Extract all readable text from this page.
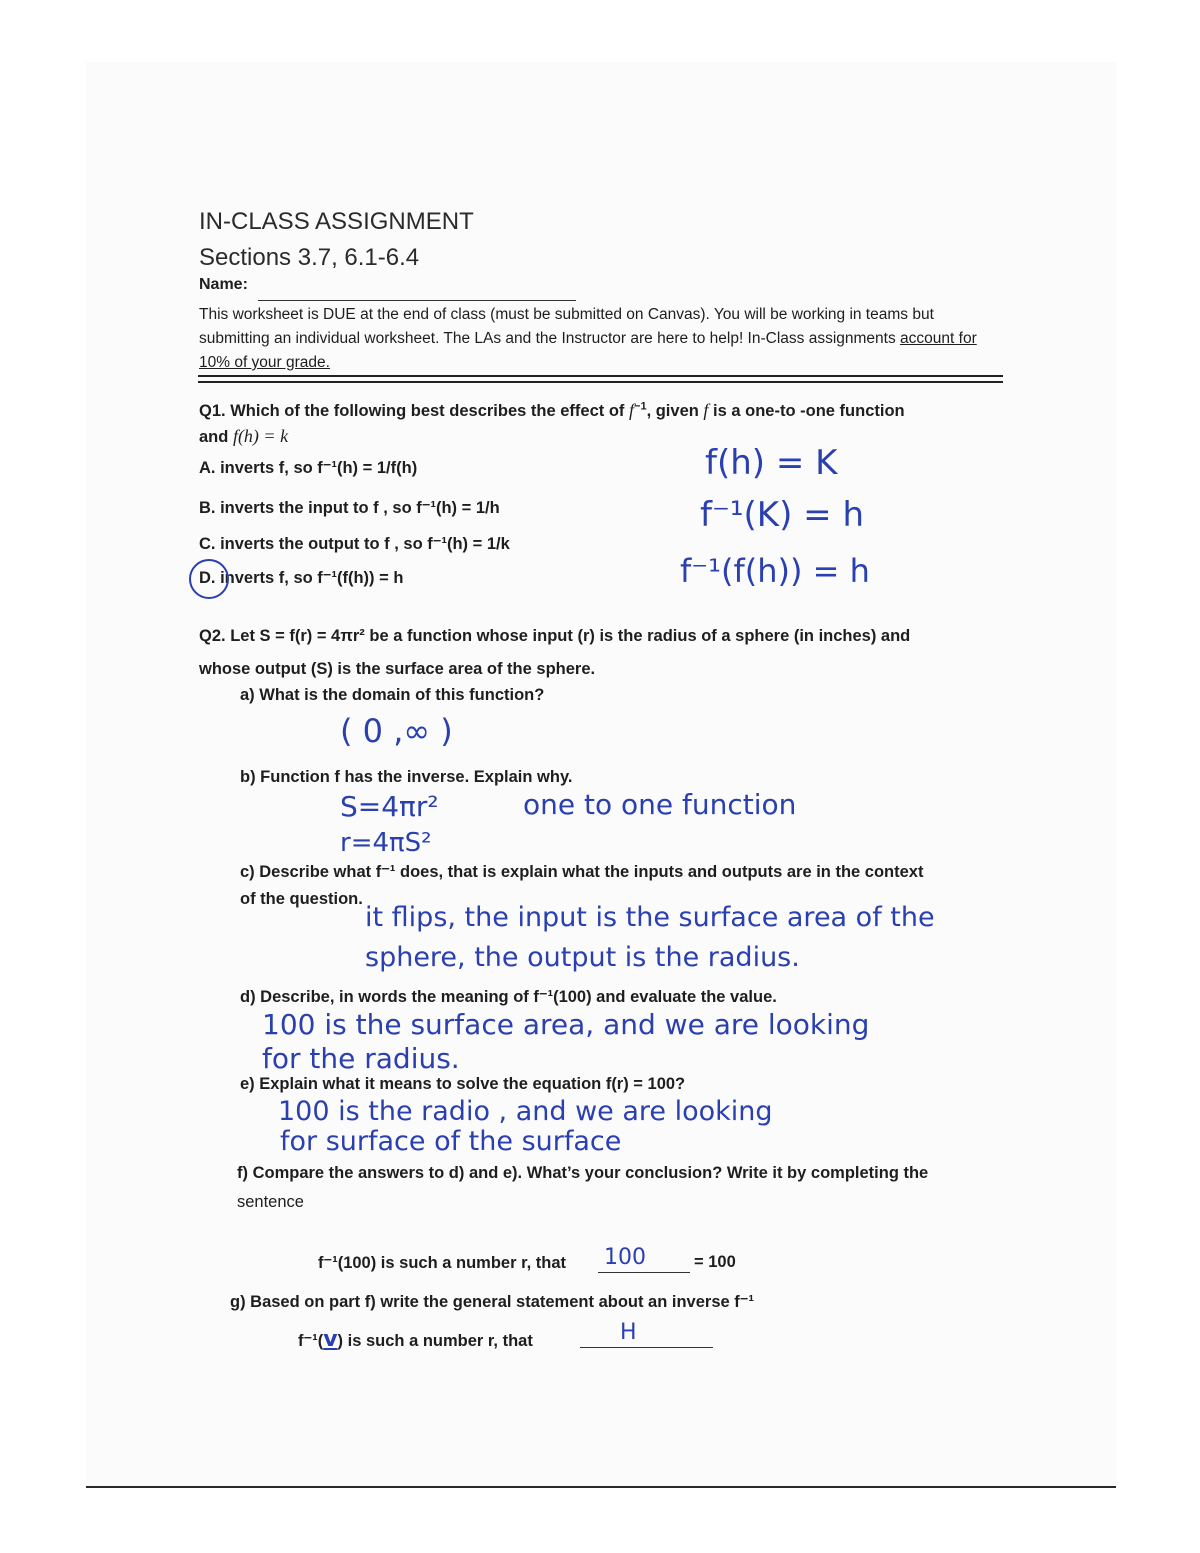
IN-CLASS ASSIGNMENT
Sections 3.7, 6.1-6.4
Name:
This worksheet is DUE at the end of class (must be submitted on Canvas). You will be working in teams but submitting an individual worksheet. The LAs and the Instructor are here to help! In-Class assignments account for 10% of your grade.
Q1. Which of the following best describes the effect of $f^{-1}$, given f is a one-to -one function
and f(h) = k
A. inverts f, so f⁻¹(h) = 1/f(h)
B. inverts the input to f , so f⁻¹(h) = 1/h
C. inverts the output to f , so f⁻¹(h) = 1/k
D. inverts f, so f⁻¹(f(h)) = h
f(h) = K
f⁻¹(K) = h
f⁻¹(f(h)) = h
Q2. Let S = f(r) = 4πr² be a function whose input (r) is the radius of a sphere (in inches) and
whose output (S) is the surface area of the sphere.
a) What is the domain of this function?
( 0 ,∞ )
b) Function f has the inverse. Explain why.
S=4πr²	one to one function
r=4πS²
c) Describe what f⁻¹ does, that is explain what the inputs and outputs are in the context
of the question.
it flips, the input is the surface area of the
sphere, the output is the radius.
d) Describe, in words the meaning of f⁻¹(100) and evaluate the value.
100 is the surface area, and we are looking
for the radius.
e) Explain what it means to solve the equation f(r) = 100?
100 is the radio , and we are looking
for surface of the surface
f) Compare the answers to d) and e). What’s your conclusion? Write it by completing the
sentence
f⁻¹(100) is such a number r, that 100	= 100
g) Based on part f) write the general statement about an inverse f⁻¹
f⁻¹(v) is such a number r, that	H
